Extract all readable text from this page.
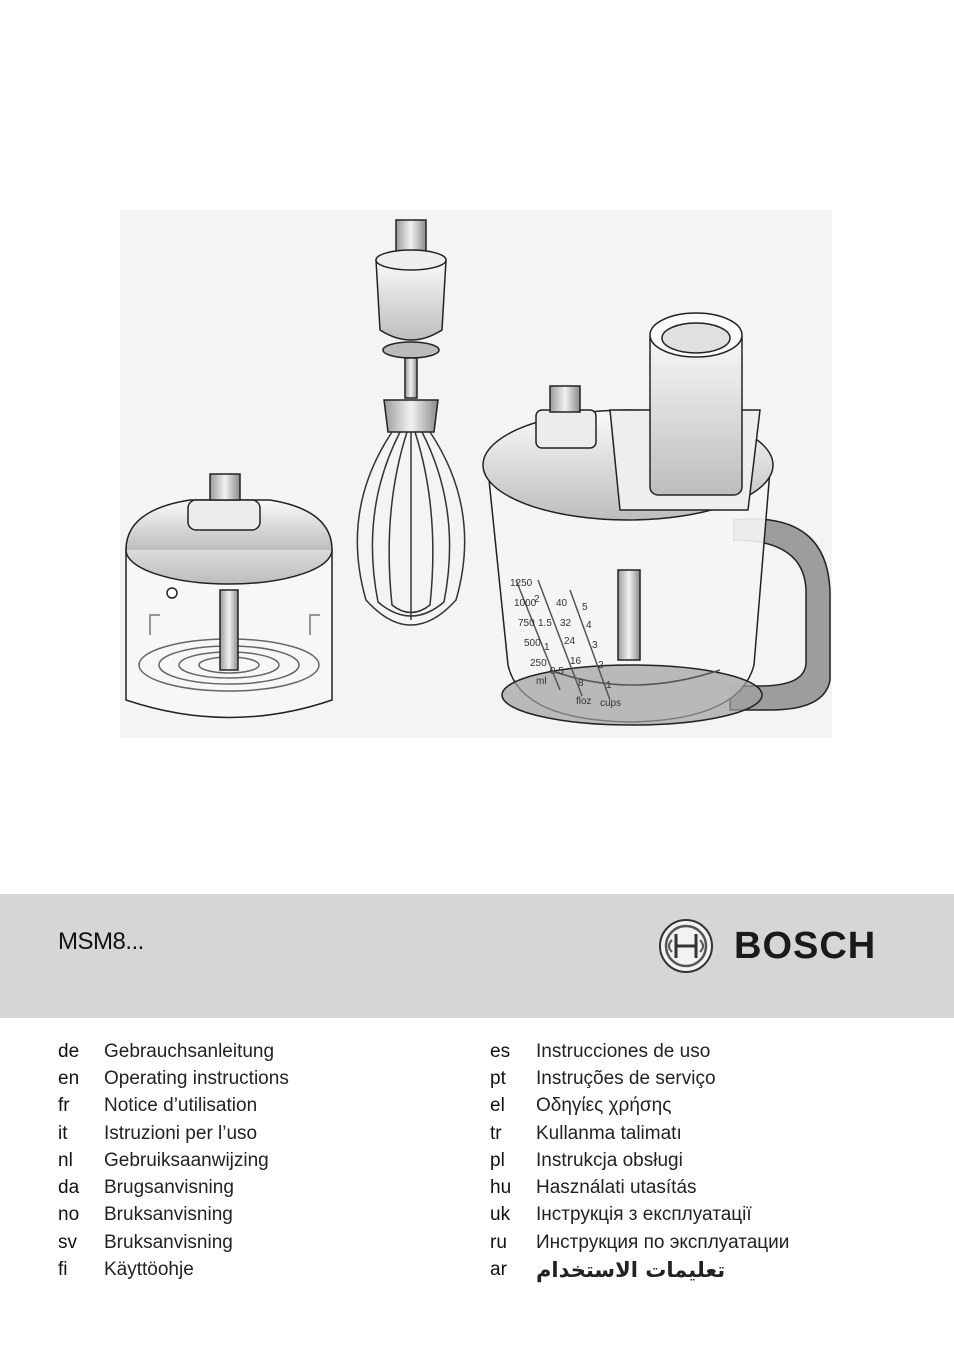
1250
1000
750
500
250
ml
2
1.5
1
0.5
cups
40
32
24
16
8
floz
5
4
3
2
1
MSM8...	BOSCH
de	Gebrauchsanleitung
en	Operating instructions
fr	Notice d’utilisation
it	Istruzioni per l’uso
nl	Gebruiksaanwijzing
da	Brugsanvisning
no	Bruksanvisning
sv	Bruksanvisning
fi	Käyttöohje
es	Instrucciones de uso
pt	Instruções de serviço
el	Οδηγίες χρήσης
tr	Kullanma talimatı
pl	Instrukcja obsługi
hu	Használati utasítás
uk	Інструкція з експлуатації
ru	Инструкция по эксплуатации
ar	تعليمات الاستخدام
